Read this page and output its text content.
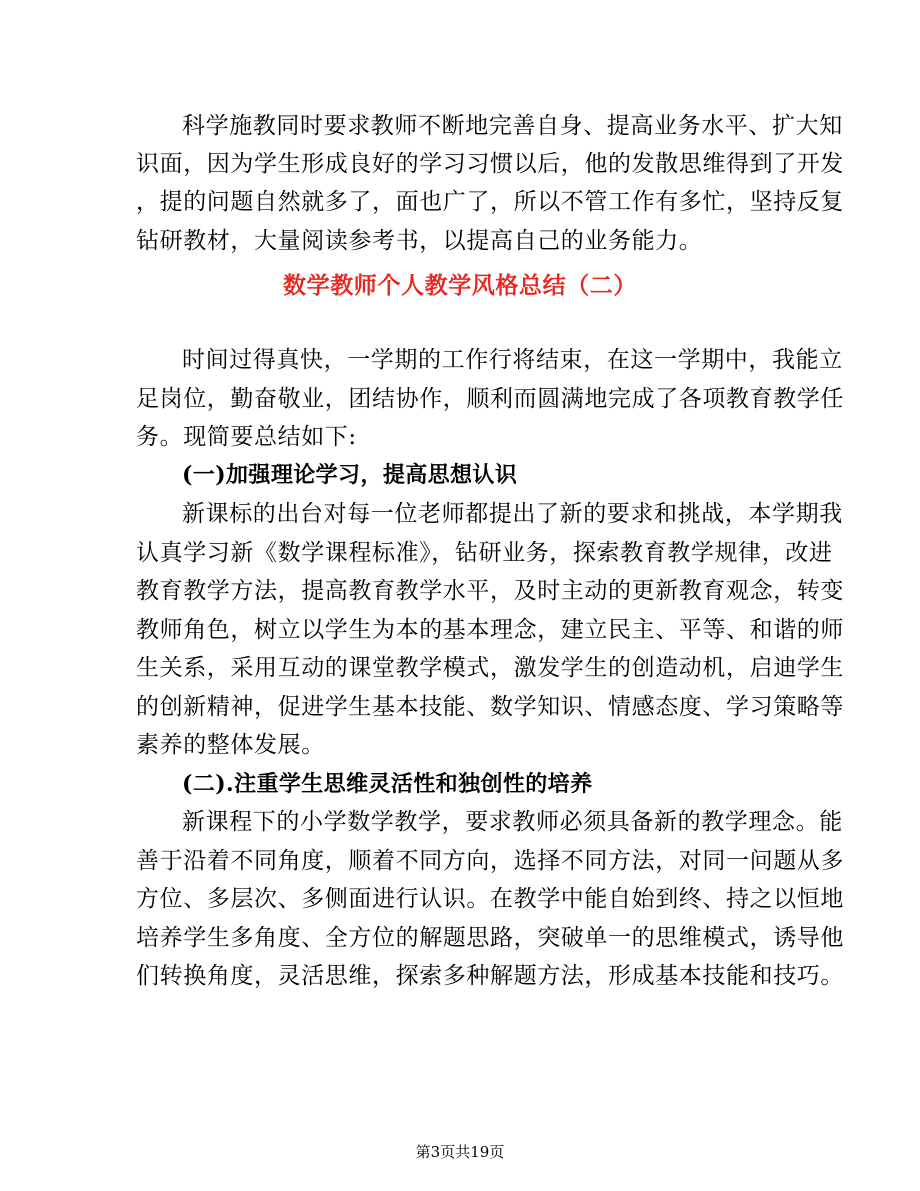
科学施教同时要求教师不断地完善自身、提高业务水平、扩大知
识面，因为学生形成良好的学习习惯以后，他的发散思维得到了开发
，提的问题自然就多了，面也广了，所以不管工作有多忙，坚持反复
钻研教材，大量阅读参考书，以提高自己的业务能力。
数学教师个人教学风格总结（二）
时间过得真快，一学期的工作行将结束，在这一学期中，我能立
足岗位，勤奋敬业，团结协作，顺利而圆满地完成了各项教育教学任
务。现简要总结如下:
(一)加强理论学习，提高思想认识
新课标的出台对每一位老师都提出了新的要求和挑战，本学期我
认真学习新《数学课程标准》，钻研业务，探索教育教学规律，改进
教育教学方法，提高教育教学水平，及时主动的更新教育观念，转变
教师角色，树立以学生为本的基本理念，建立民主、平等、和谐的师
生关系，采用互动的课堂教学模式，激发学生的创造动机，启迪学生
的创新精神，促进学生基本技能、数学知识、情感态度、学习策略等
素养的整体发展。
(二).注重学生思维灵活性和独创性的培养
新课程下的小学数学教学，要求教师必须具备新的教学理念。能
善于沿着不同角度，顺着不同方向，选择不同方法，对同一问题从多
方位、多层次、多侧面进行认识。在教学中能自始到终、持之以恒地
培养学生多角度、全方位的解题思路，突破单一的思维模式，诱导他
们转换角度，灵活思维，探索多种解题方法，形成基本技能和技巧。
第3页共19页
